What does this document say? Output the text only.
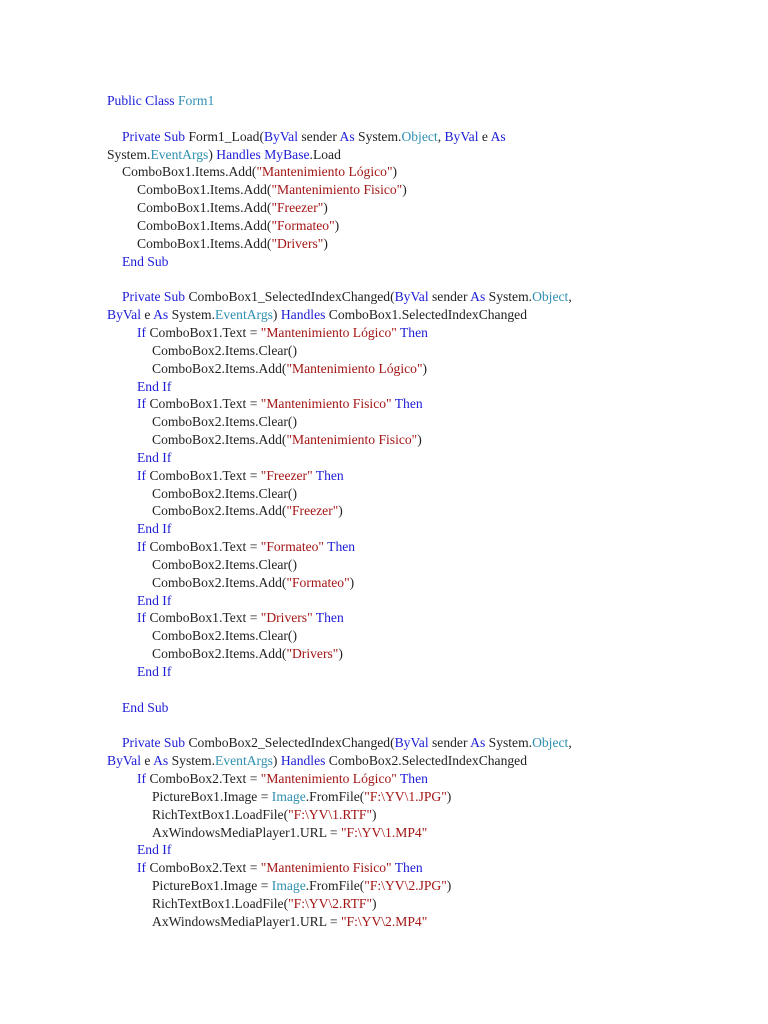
Public Class Form1
Private Sub Form1_Load(ByVal sender As System.Object, ByVal e As
System.EventArgs) Handles MyBase.Load
ComboBox1.Items.Add("Mantenimiento Lógico")
ComboBox1.Items.Add("Mantenimiento Fisico")
ComboBox1.Items.Add("Freezer")
ComboBox1.Items.Add("Formateo")
ComboBox1.Items.Add("Drivers")
End Sub
Private Sub ComboBox1_SelectedIndexChanged(ByVal sender As System.Object,
ByVal e As System.EventArgs) Handles ComboBox1.SelectedIndexChanged
If ComboBox1.Text = "Mantenimiento Lógico" Then
ComboBox2.Items.Clear()
ComboBox2.Items.Add("Mantenimiento Lógico")
End If
If ComboBox1.Text = "Mantenimiento Fisico" Then
ComboBox2.Items.Clear()
ComboBox2.Items.Add("Mantenimiento Fisico")
End If
If ComboBox1.Text = "Freezer" Then
ComboBox2.Items.Clear()
ComboBox2.Items.Add("Freezer")
End If
If ComboBox1.Text = "Formateo" Then
ComboBox2.Items.Clear()
ComboBox2.Items.Add("Formateo")
End If
If ComboBox1.Text = "Drivers" Then
ComboBox2.Items.Clear()
ComboBox2.Items.Add("Drivers")
End If
End Sub
Private Sub ComboBox2_SelectedIndexChanged(ByVal sender As System.Object,
ByVal e As System.EventArgs) Handles ComboBox2.SelectedIndexChanged
If ComboBox2.Text = "Mantenimiento Lógico" Then
PictureBox1.Image = Image.FromFile("F:\YV\1.JPG")
RichTextBox1.LoadFile("F:\YV\1.RTF")
AxWindowsMediaPlayer1.URL = "F:\YV\1.MP4"
End If
If ComboBox2.Text = "Mantenimiento Fisico" Then
PictureBox1.Image = Image.FromFile("F:\YV\2.JPG")
RichTextBox1.LoadFile("F:\YV\2.RTF")
AxWindowsMediaPlayer1.URL = "F:\YV\2.MP4"
